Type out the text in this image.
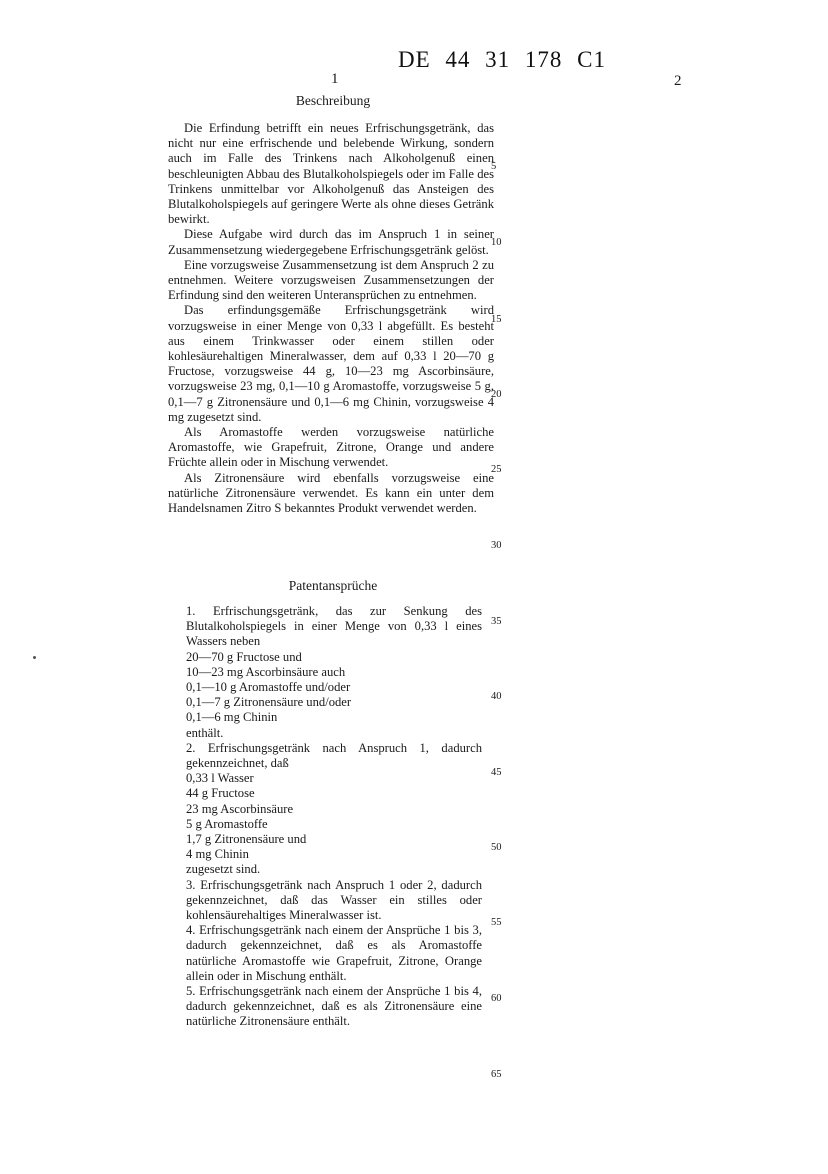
DE 44 31 178 C1
1	2
Beschreibung

Die Erfindung betrifft ein neues Erfrischungsgetränk, das nicht nur eine erfrischende und belebende Wirkung, sondern auch im Falle des Trinkens nach Alkoholgenuß einen beschleunigten Abbau des Blutalkoholspiegels oder im Falle des Trinkens unmittelbar vor Alkoholgenuß das Ansteigen des Blutalkoholspiegels auf geringere Werte als ohne dieses Getränk bewirkt.

Diese Aufgabe wird durch das im Anspruch 1 in seiner Zusammensetzung wiedergegebene Erfrischungsgetränk gelöst.

Eine vorzugsweise Zusammensetzung ist dem Anspruch 2 zu entnehmen. Weitere vorzugsweisen Zusammensetzungen der Erfindung sind den weiteren Unteransprüchen zu entnehmen.

Das erfindungsgemäße Erfrischungsgetränk wird vorzugsweise in einer Menge von 0,33 l abgefüllt. Es besteht aus einem Trinkwasser oder einem stillen oder kohlesäurehaltigen Mineralwasser, dem auf 0,33 l 20—70 g Fructose, vorzugsweise 44 g, 10—23 mg Ascorbinsäure, vorzugsweise 23 mg, 0,1—10 g Aromastoffe, vorzugsweise 5 g, 0,1—7 g Zitronensäure und 0,1—6 mg Chinin, vorzugsweise 4 mg zugesetzt sind.

Als Aromastoffe werden vorzugsweise natürliche Aromastoffe, wie Grapefruit, Zitrone, Orange und andere Früchte allein oder in Mischung verwendet.

Als Zitronensäure wird ebenfalls vorzugsweise eine natürliche Zitronensäure verwendet. Es kann ein unter dem Handelsnamen Zitro S bekanntes Produkt verwendet werden.

Patentansprüche
1. Erfrischungsgetränk, das zur Senkung des Blutalkoholspiegels in einer Menge von 0,33 l eines Wassers neben
20—70 g Fructose und
10—23 mg Ascorbinsäure auch
0,1—10 g Aromastoffe und/oder
0,1—7 g Zitronensäure und/oder
0,1—6 mg Chinin
enthält.
2. Erfrischungsgetränk nach Anspruch 1, dadurch gekennzeichnet, daß
0,33 l Wasser
44 g Fructose
23 mg Ascorbinsäure
5 g Aromastoffe
1,7 g Zitronensäure und
4 mg Chinin
zugesetzt sind.
3. Erfrischungsgetränk nach Anspruch 1 oder 2, dadurch gekennzeichnet, daß das Wasser ein stilles oder kohlensäurehaltiges Mineralwasser ist.
4. Erfrischungsgetränk nach einem der Ansprüche 1 bis 3, dadurch gekennzeichnet, daß es als Aromastoffe natürliche Aromastoffe wie Grapefruit, Zitrone, Orange allein oder in Mischung enthält.
5. Erfrischungsgetränk nach einem der Ansprüche 1 bis 4, dadurch gekennzeichnet, daß es als Zitronensäure eine natürliche Zitronensäure enthält.
5
10
15
20
25
30
35
40
45
50
55
60
65
